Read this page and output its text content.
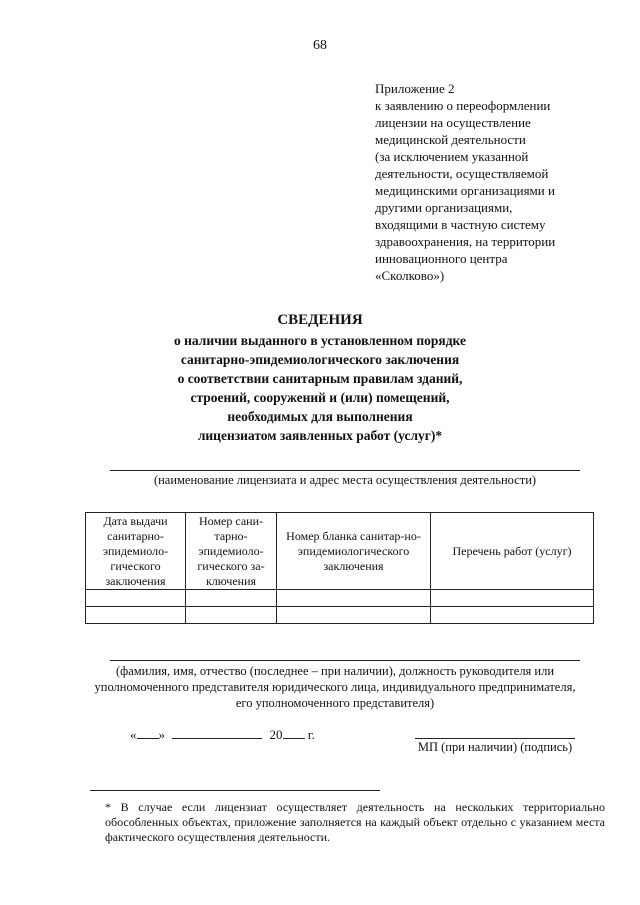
68
Приложение 2
к заявлению о переоформлении
лицензии на осуществление
медицинской деятельности
(за исключением указанной
деятельности, осуществляемой
медицинскими организациями и
другими организациями,
входящими в частную систему
здравоохранения, на территории
инновационного центра
«Сколково»)
СВЕДЕНИЯ
о наличии выданного в установленном порядке
санитарно-эпидемиологического заключения
о соответствии санитарным правилам зданий,
строений, сооружений и (или) помещений,
необходимых для выполнения
лицензиатом заявленных работ (услуг)*
(наименование лицензиата и адрес места осуществления деятельности)
Дата выдачи санитарно-эпидемиоло-гического заключения	Номер сани-тарно-эпидемиоло-гического за-ключения	Номер бланка санитар-но-эпидемиологического заключения	Перечень работ (услуг)

(фамилия, имя, отчество (последнее – при наличии), должность руководителя или
уполномоченного представителя юридического лица, индивидуального предпринимателя,
его уполномоченного представителя)
« »	20 г.
МП (при наличии) (подпись)
* В случае если лицензиат осуществляет деятельность на нескольких территориально обособленных объектах, приложение заполняется на каждый объект отдельно с указанием места фактического осуществления деятельности.
